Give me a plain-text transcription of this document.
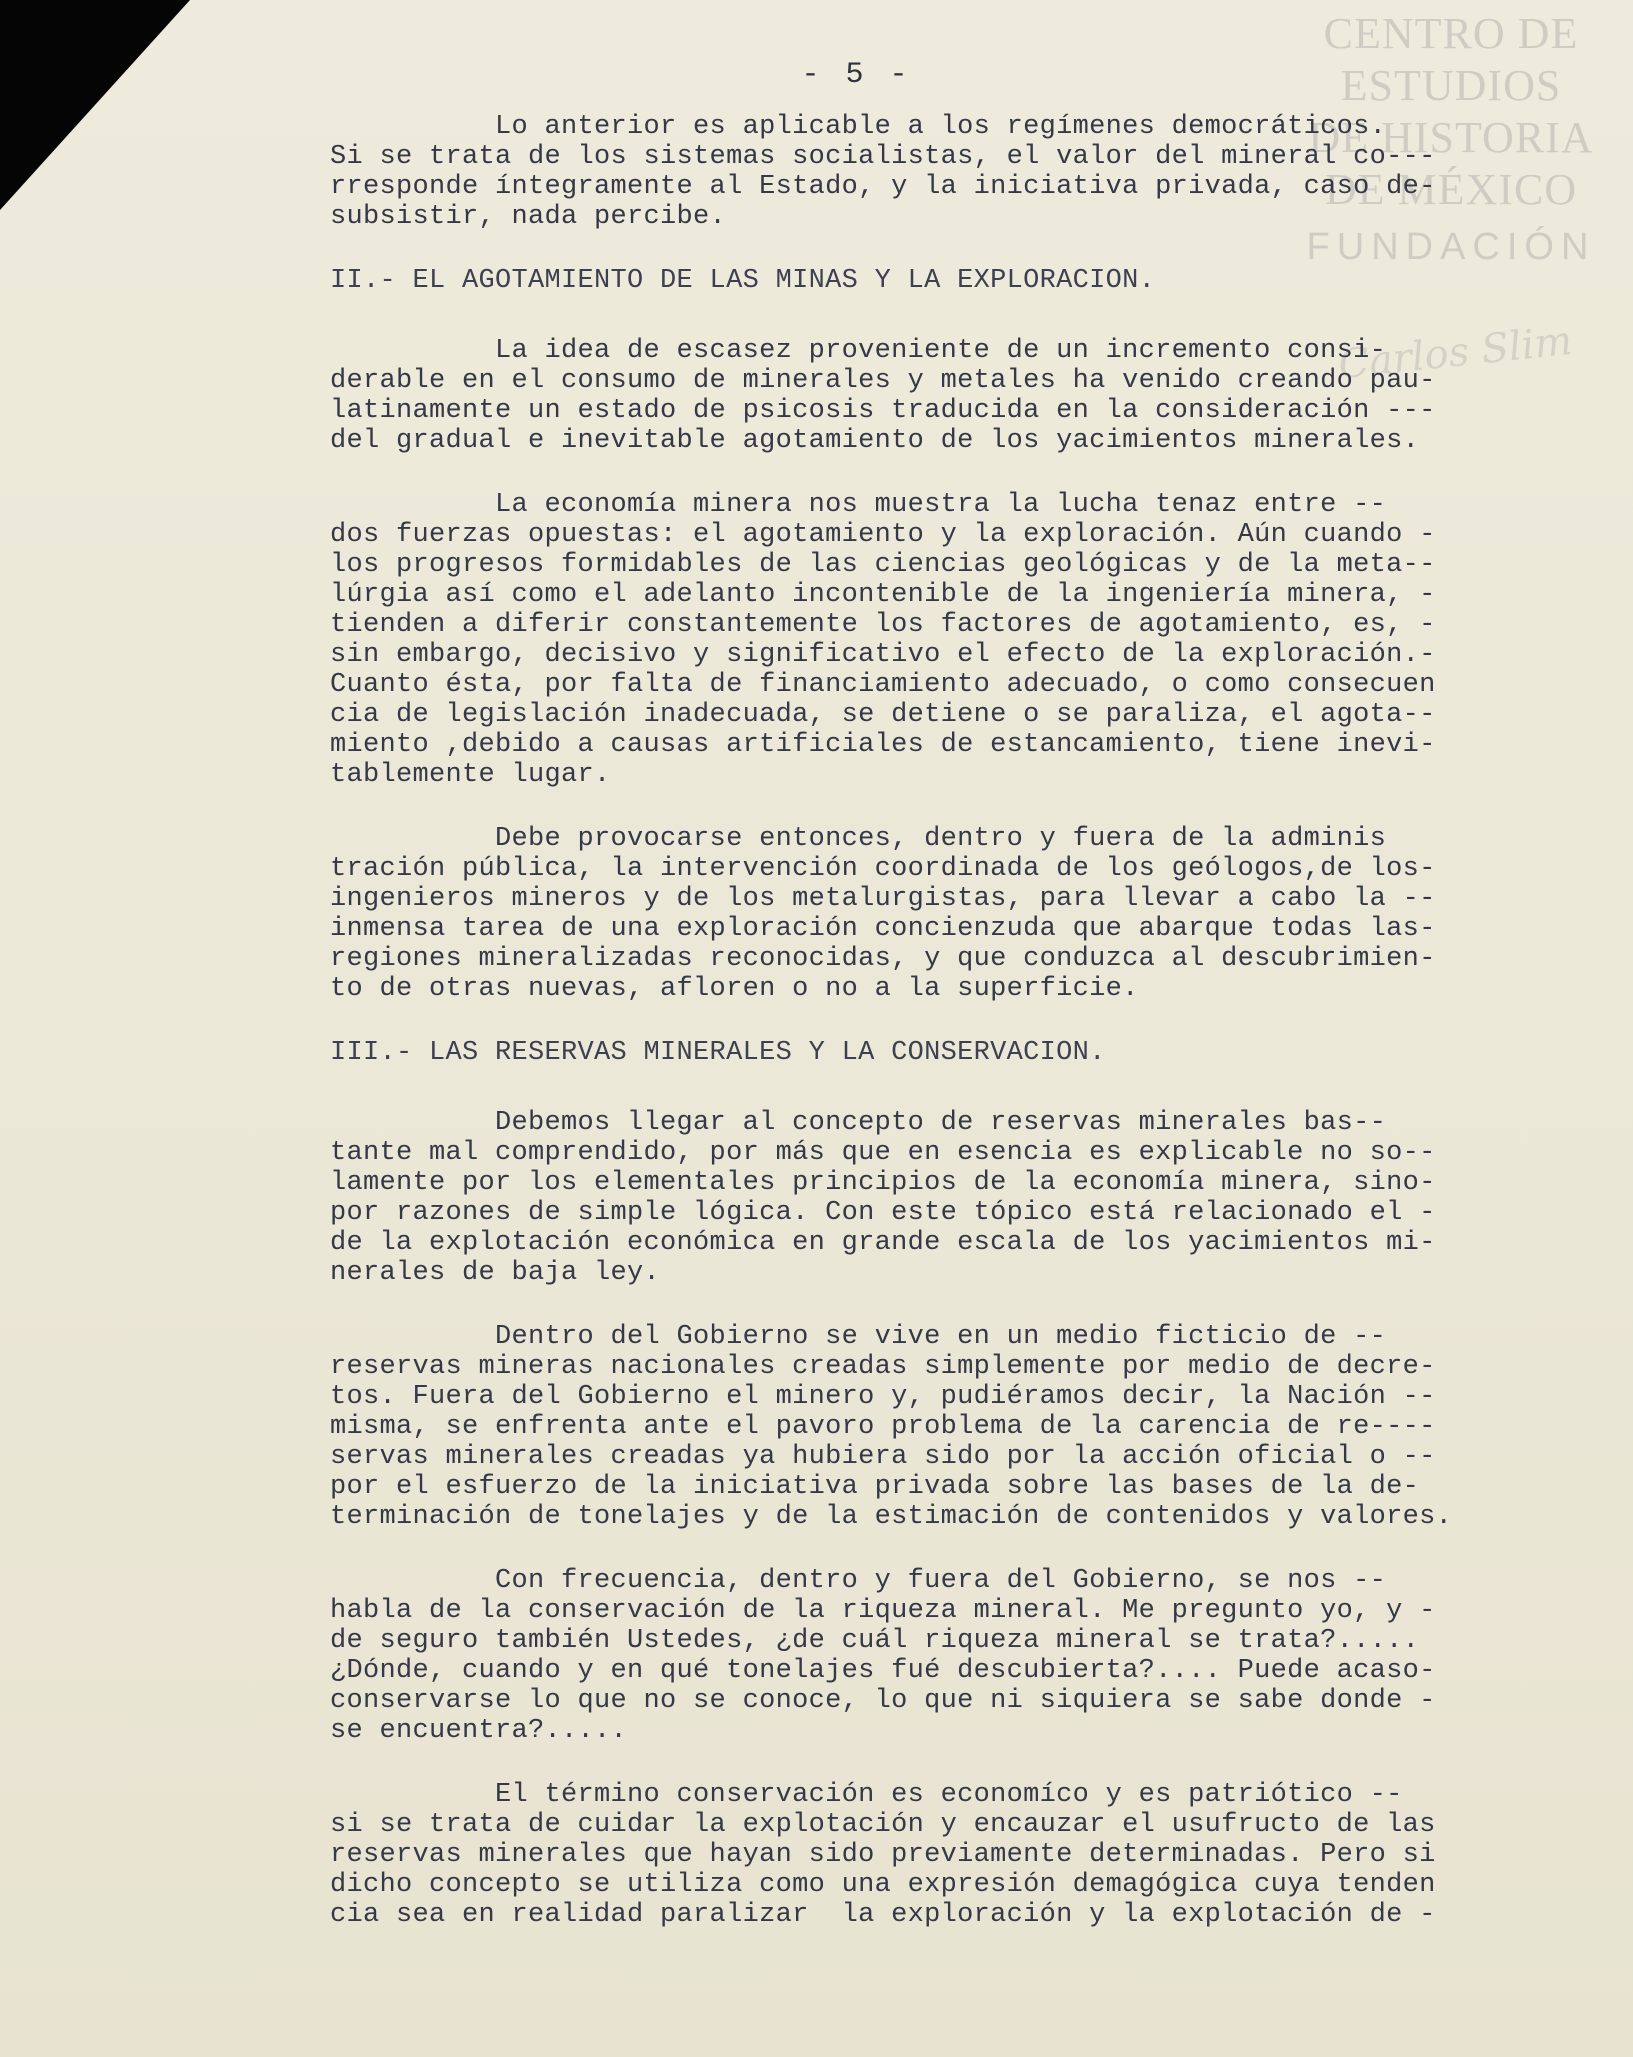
CENTRO DE
ESTUDIOS
DE HISTORIA
DE MÉXICO
FUNDACIÓN
Carlos Slim
- 5 -
Lo anterior es aplicable a los regímenes democráticos.
Si se trata de los sistemas socialistas, el valor del mineral co---
rresponde íntegramente al Estado, y la iniciativa privada, caso de-
subsistir, nada percibe.
II.- EL AGOTAMIENTO DE LAS MINAS Y LA EXPLORACION.
La idea de escasez proveniente de un incremento consi-
derable en el consumo de minerales y metales ha venido creando pau-
latinamente un estado de psicosis traducida en la consideración ---
del gradual e inevitable agotamiento de los yacimientos minerales.
La economía minera nos muestra la lucha tenaz entre --
dos fuerzas opuestas: el agotamiento y la exploración. Aún cuando -
los progresos formidables de las ciencias geológicas y de la meta--
lúrgia así como el adelanto incontenible de la ingeniería minera, -
tienden a diferir constantemente los factores de agotamiento, es, -
sin embargo, decisivo y significativo el efecto de la exploración.-
Cuanto ésta, por falta de financiamiento adecuado, o como consecuen
cia de legislación inadecuada, se detiene o se paraliza, el agota--
miento ,debido a causas artificiales de estancamiento, tiene inevi-
tablemente lugar.
Debe provocarse entonces, dentro y fuera de la adminis
tración pública, la intervención coordinada de los geólogos,de los-
ingenieros mineros y de los metalurgistas, para llevar a cabo la --
inmensa tarea de una exploración concienzuda que abarque todas las-
regiones mineralizadas reconocidas, y que conduzca al descubrimien-
to de otras nuevas, afloren o no a la superficie.
III.- LAS RESERVAS MINERALES Y LA CONSERVACION.
Debemos llegar al concepto de reservas minerales bas--
tante mal comprendido, por más que en esencia es explicable no so--
lamente por los elementales principios de la economía minera, sino-
por razones de simple lógica. Con este tópico está relacionado el -
de la explotación económica en grande escala de los yacimientos mi-
nerales de baja ley.
Dentro del Gobierno se vive en un medio ficticio de --
reservas mineras nacionales creadas simplemente por medio de decre-
tos. Fuera del Gobierno el minero y, pudiéramos decir, la Nación --
misma, se enfrenta ante el pavoro problema de la carencia de re----
servas minerales creadas ya hubiera sido por la acción oficial o --
por el esfuerzo de la iniciativa privada sobre las bases de la de-
terminación de tonelajes y de la estimación de contenidos y valores.
Con frecuencia, dentro y fuera del Gobierno, se nos --
habla de la conservación de la riqueza mineral. Me pregunto yo, y -
de seguro también Ustedes, ¿de cuál riqueza mineral se trata?.....
¿Dónde, cuando y en qué tonelajes fué descubierta?.... Puede acaso-
conservarse lo que no se conoce, lo que ni siquiera se sabe donde -
se encuentra?.....
El término conservación es economíco y es patriótico --
si se trata de cuidar la explotación y encauzar el usufructo de las
reservas minerales que hayan sido previamente determinadas. Pero si
dicho concepto se utiliza como una expresión demagógica cuya tenden
cia sea en realidad paralizar  la exploración y la explotación de -
